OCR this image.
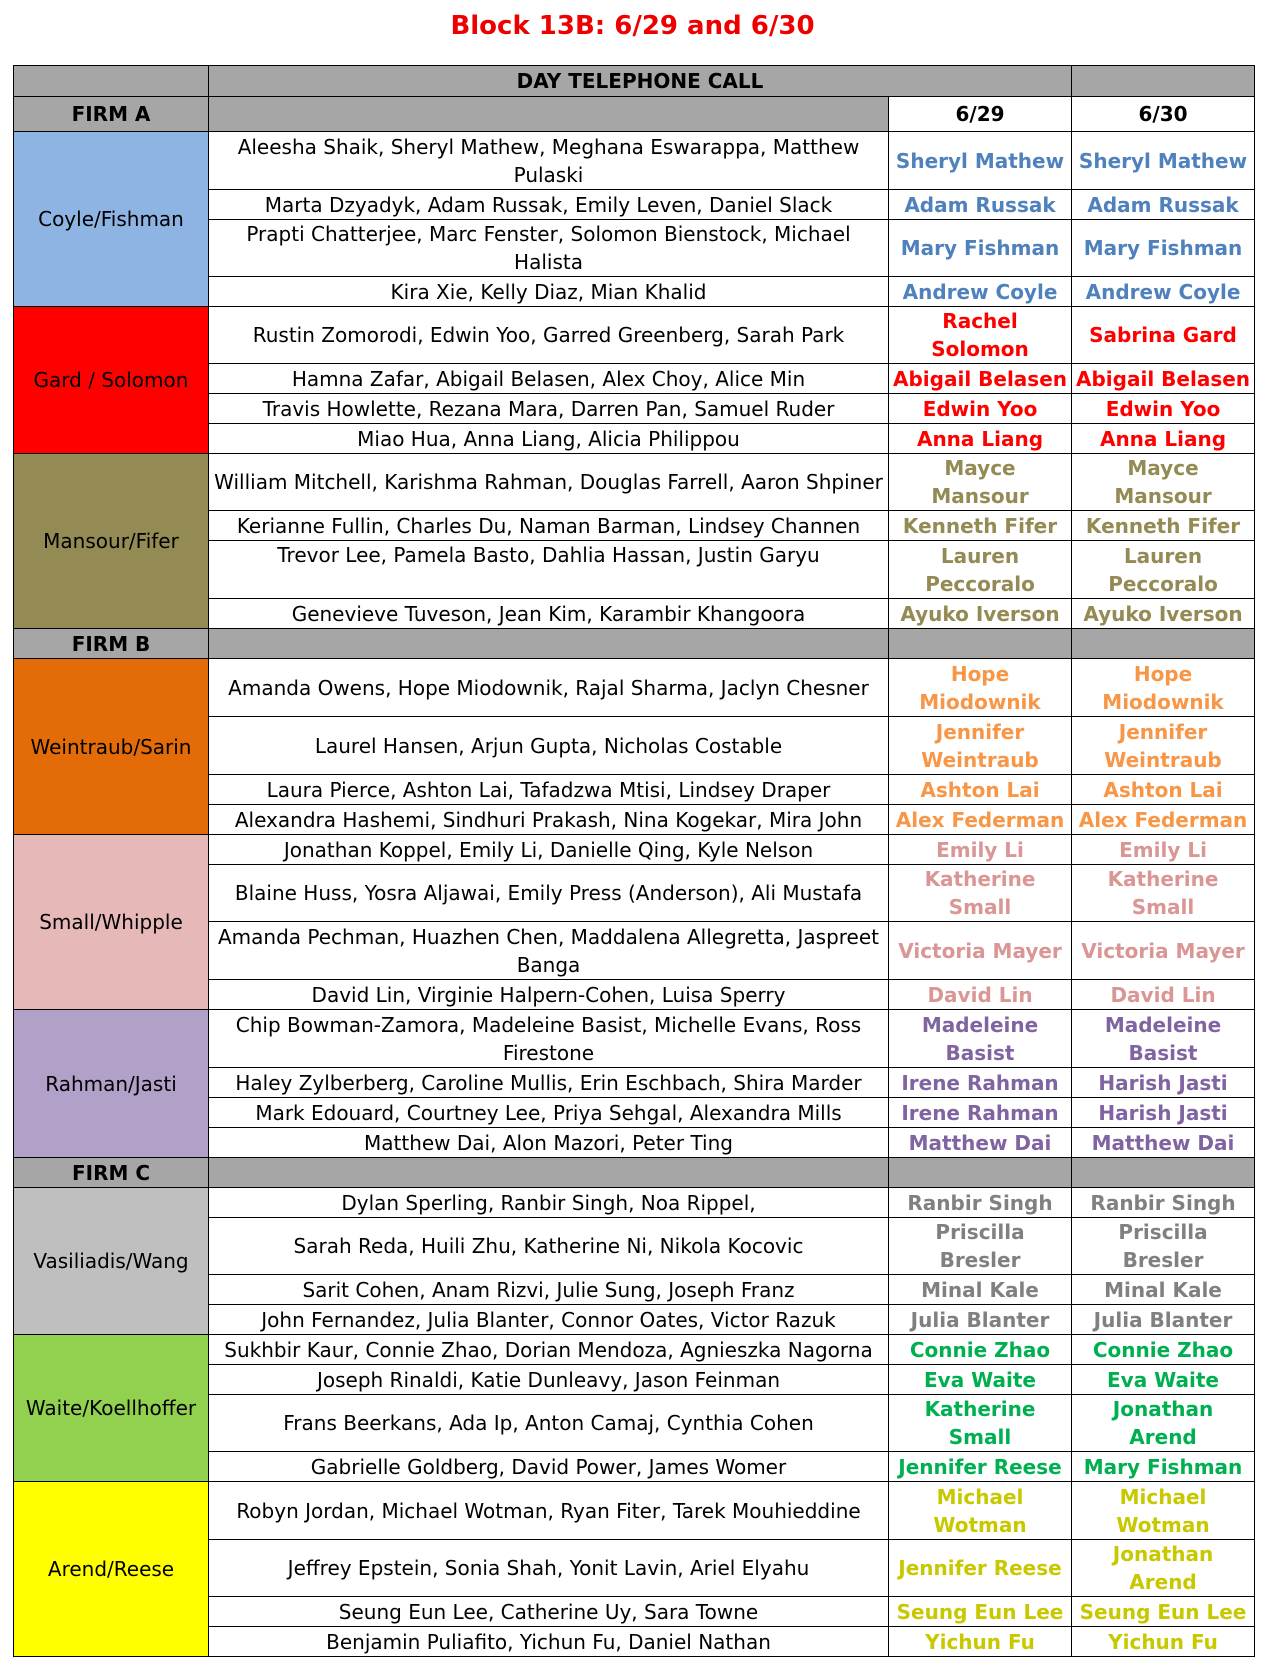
Block 13B: 6/29 and 6/30
	DAY TELEPHONE CALL		
FIRM A		6/29	6/30
Coyle/Fishman	Aleesha Shaik, Sheryl Mathew, Meghana Eswarappa, Matthew Pulaski	Sheryl Mathew	Sheryl Mathew
	Marta Dzyadyk, Adam Russak, Emily Leven, Daniel Slack	Adam Russak	Adam Russak
	Prapti Chatterjee, Marc Fenster, Solomon Bienstock, Michael Halista	Mary Fishman	Mary Fishman
	Kira Xie, Kelly Diaz, Mian Khalid	Andrew Coyle	Andrew Coyle
Gard / Solomon	Rustin Zomorodi, Edwin Yoo, Garred Greenberg, Sarah Park	Rachel Solomon	Sabrina Gard
	Hamna Zafar, Abigail Belasen, Alex Choy, Alice Min	Abigail Belasen	Abigail Belasen
	Travis Howlette, Rezana Mara, Darren Pan, Samuel Ruder	Edwin Yoo	Edwin Yoo
	Miao Hua, Anna Liang, Alicia Philippou	Anna Liang	Anna Liang
Mansour/Fifer	William Mitchell, Karishma Rahman, Douglas Farrell, Aaron Shpiner	Mayce Mansour	Mayce Mansour
	Kerianne Fullin, Charles Du, Naman Barman, Lindsey Channen	Kenneth Fifer	Kenneth Fifer
	Trevor Lee, Pamela Basto, Dahlia Hassan, Justin Garyu	Lauren Peccoralo	Lauren Peccoralo
	Genevieve Tuveson, Jean Kim, Karambir Khangoora	Ayuko Iverson	Ayuko Iverson
FIRM B			
Weintraub/Sarin	Amanda Owens, Hope Miodownik, Rajal Sharma, Jaclyn Chesner	Hope Miodownik	Hope Miodownik
	Laurel Hansen, Arjun Gupta, Nicholas Costable	Jennifer Weintraub	Jennifer Weintraub
	Laura Pierce, Ashton Lai, Tafadzwa Mtisi, Lindsey Draper	Ashton Lai	Ashton Lai
	Alexandra Hashemi, Sindhuri Prakash, Nina Kogekar, Mira John	Alex Federman	Alex Federman
Small/Whipple	Jonathan Koppel, Emily Li, Danielle Qing, Kyle Nelson	Emily Li	Emily Li
	Blaine Huss, Yosra Aljawai, Emily Press (Anderson), Ali Mustafa	Katherine Small	Katherine Small
	Amanda Pechman, Huazhen Chen, Maddalena Allegretta, Jaspreet Banga	Victoria Mayer	Victoria Mayer
	David Lin, Virginie Halpern-Cohen, Luisa Sperry	David Lin	David Lin
Rahman/Jasti	Chip Bowman-Zamora, Madeleine Basist, Michelle Evans, Ross Firestone	Madeleine Basist	Madeleine Basist
	Haley Zylberberg, Caroline Mullis, Erin Eschbach, Shira Marder	Irene Rahman	Harish Jasti
	Mark Edouard, Courtney Lee, Priya Sehgal, Alexandra Mills	Irene Rahman	Harish Jasti
	Matthew Dai, Alon Mazori, Peter Ting	Matthew Dai	Matthew Dai
FIRM C			
Vasiliadis/Wang	Dylan Sperling, Ranbir Singh, Noa Rippel,	Ranbir Singh	Ranbir Singh
	Sarah Reda, Huili Zhu, Katherine Ni, Nikola Kocovic	Priscilla Bresler	Priscilla Bresler
	Sarit Cohen, Anam Rizvi, Julie Sung, Joseph Franz	Minal Kale	Minal Kale
	John Fernandez, Julia Blanter, Connor Oates, Victor Razuk	Julia Blanter	Julia Blanter
Waite/Koellhoffer	Sukhbir Kaur, Connie Zhao, Dorian Mendoza, Agnieszka Nagorna	Connie Zhao	Connie Zhao
	Joseph Rinaldi, Katie Dunleavy, Jason Feinman	Eva Waite	Eva Waite
	Frans Beerkans, Ada Ip, Anton Camaj, Cynthia Cohen	Katherine Small	Jonathan Arend
	Gabrielle Goldberg, David Power, James Womer	Jennifer Reese	Mary Fishman
Arend/Reese	Robyn Jordan, Michael Wotman, Ryan Fiter, Tarek Mouhieddine	Michael Wotman	Michael Wotman
	Jeffrey Epstein, Sonia Shah, Yonit Lavin, Ariel Elyahu	Jennifer Reese	Jonathan Arend
	Seung Eun Lee, Catherine Uy, Sara Towne	Seung Eun Lee	Seung Eun Lee
	Benjamin Puliafito, Yichun Fu, Daniel Nathan	Yichun Fu	Yichun Fu
